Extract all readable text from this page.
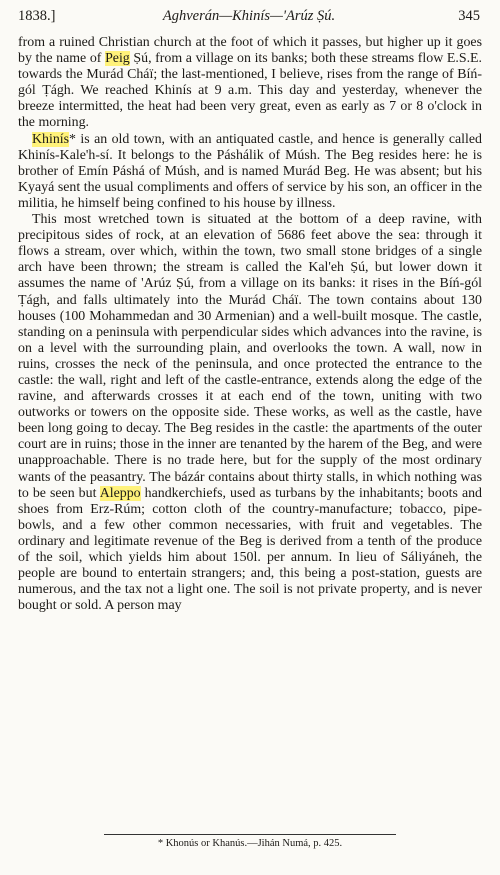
1838.]	Aghverán—Khinís—'Arúz Ṣú.	345

from a ruined Christian church at the foot of which it passes, but higher up it goes by the name of Peig Ṣú, from a village on its banks; both these streams flow E.S.E. towards the Murád Cháï; the last-mentioned, I believe, rises from the range of Bíń-gól Ṭágh. We reached Khinís at 9 a.m. This day and yesterday, whenever the breeze intermitted, the heat had been very great, even as early as 7 or 8 o'clock in the morning.

Khinís* is an old town, with an antiquated castle, and hence is generally called Khinís-Kale'h-sí. It belongs to the Páshálik of Músh. The Beg resides here: he is brother of Emín Páshá of Músh, and is named Murád Beg. He was absent; but his Kyayá sent the usual compliments and offers of service by his son, an officer in the militia, he himself being confined to his house by illness.

This most wretched town is situated at the bottom of a deep ravine, with precipitous sides of rock, at an elevation of 5686 feet above the sea: through it flows a stream, over which, within the town, two small stone bridges of a single arch have been thrown; the stream is called the Kal'eh Ṣú, but lower down it assumes the name of 'Arúz Ṣú, from a village on its banks: it rises in the Bíń-gól Ṭágh, and falls ultimately into the Murád Cháï. The town contains about 130 houses (100 Mohammedan and 30 Armenian) and a well-built mosque. The castle, standing on a peninsula with perpendicular sides which advances into the ravine, is on a level with the surrounding plain, and overlooks the town. A wall, now in ruins, crosses the neck of the peninsula, and once protected the entrance to the castle: the wall, right and left of the castle-entrance, extends along the edge of the ravine, and afterwards crosses it at each end of the town, uniting with two outworks or towers on the opposite side. These works, as well as the castle, have been long going to decay. The Beg resides in the castle: the apartments of the outer court are in ruins; those in the inner are tenanted by the harem of the Beg, and were unapproachable. There is no trade here, but for the supply of the most ordinary wants of the peasantry. The bázár contains about thirty stalls, in which nothing was to be seen but Aleppo handkerchiefs, used as turbans by the inhabitants; boots and shoes from Erz-Rúm; cotton cloth of the country-manufacture; tobacco, pipe-bowls, and a few other common necessaries, with fruit and vegetables. The ordinary and legitimate revenue of the Beg is derived from a tenth of the produce of the soil, which yields him about 150l. per annum. In lieu of Sáliyáneh, the people are bound to entertain strangers; and, this being a post-station, guests are numerous, and the tax not a light one. The soil is not private property, and is never bought or sold. A person may

* Khonús or Khanús.—Jihán Numá, p. 425.
